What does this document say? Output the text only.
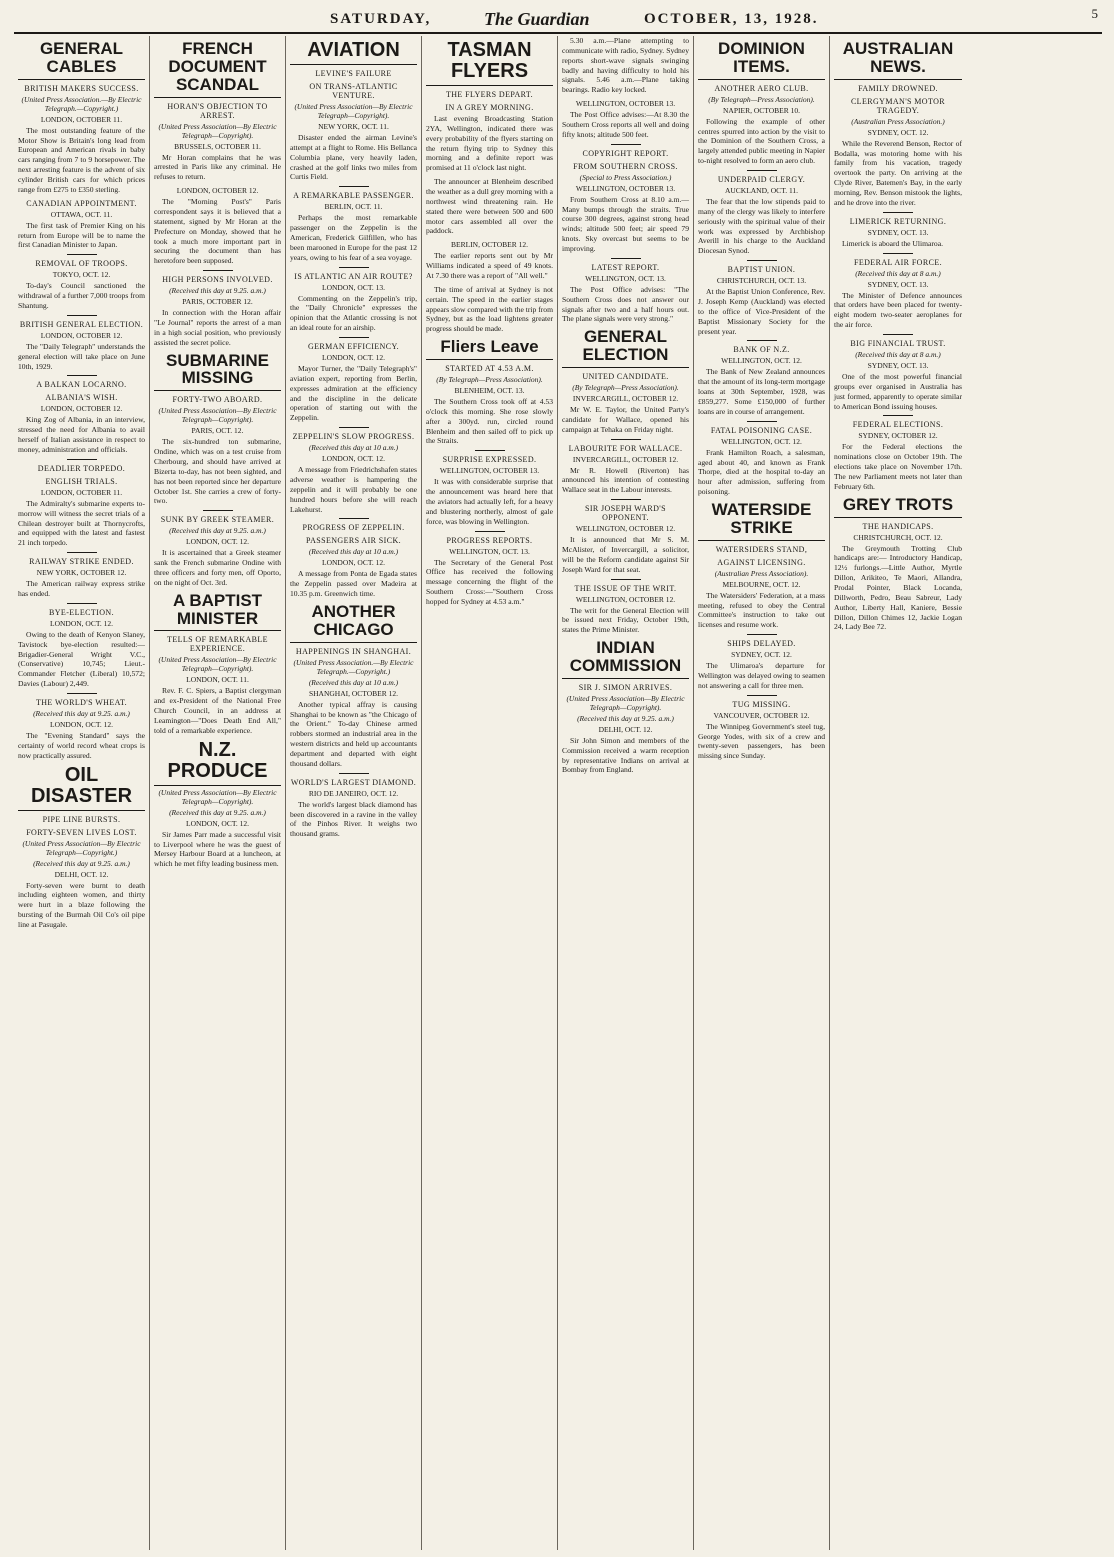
SATURDAY,	The Guardian	OCTOBER, 13, 1928.	5
GENERAL CABLES
BRITISH MAKERS SUCCESS.
(United Press Association.—By Electric Telegraph.—Copyright.)
LONDON, OCTOBER 11.

The most outstanding feature of the Motor Show is Britain's long lead from European and American rivals in baby cars ranging from 7 to 9 horsepower. The next arresting feature is the advent of six cylinder British cars for which prices range from £275 to £350 sterling.

CANADIAN APPOINTMENT.
OTTAWA, OCT. 11.

The first task of Premier King on his return from Europe will be to name the first Canadian Minister to Japan.

REMOVAL OF TROOPS.
TOKYO, OCT. 12.

To-day's Council sanctioned the withdrawal of a further 7,000 troops from Shantung.

BRITISH GENERAL ELECTION.
LONDON, OCTOBER 12.

The "Daily Telegraph" understands the general election will take place on June 10th, 1929.

A BALKAN LOCARNO.
ALBANIA'S WISH.
LONDON, OCTOBER 12.

King Zog of Albania, in an interview, stressed the need for Albania to avail herself of Italian assistance in respect to money, administration and officials.

DEADLIER TORPEDO.
ENGLISH TRIALS.
LONDON, OCTOBER 11.

The Admiralty's submarine experts to-morrow will witness the secret trials of a Chilean destroyer built at Thornycrofts, and equipped with the latest and fastest 21 inch torpedo.

RAILWAY STRIKE ENDED.
NEW YORK, OCTOBER 12.

The American railway express strike has ended.

BYE-ELECTION.
LONDON, OCT. 12.

Owing to the death of Kenyon Slaney, Tavistock bye-election resulted:— Brigadier-General Wright V.C., (Conservative) 10,745; Lieut.-Commander Fletcher (Liberal) 10,572; Davies (Labour) 2,449.

THE WORLD'S WHEAT.
(Received this day at 9.25. a.m.)
LONDON, OCT. 12.

The "Evening Standard" says the certainty of world record wheat crops is now practically assured.

OIL DISASTER
PIPE LINE BURSTS.
FORTY-SEVEN LIVES LOST.
(United Press Association—By Electric Telegraph—Copyright.)
(Received this day at 9.25. a.m.)
DELHI, OCT. 12.

Forty-seven were burnt to death including eighteen women, and thirty were hurt in a blaze following the bursting of the Burmah Oil Co's oil pipe line at Pasugale.

FRENCH DOCUMENT SCANDAL
HORAN'S OBJECTION TO ARREST.
(United Press Association—By Electric Telegraph—Copyright).
BRUSSELS, OCTOBER 11.

Mr Horan complains that he was arrested in Paris like any criminal. He refuses to return.

LONDON, OCTOBER 12.

The "Morning Post's" Paris correspondent says it is believed that a statement, signed by Mr Horan at the Prefecture on Monday, showed that he took a much more important part in securing the document than has heretofore been supposed.

HIGH PERSONS INVOLVED.
(Received this day at 9.25. a.m.)
PARIS, OCTOBER 12.

In connection with the Horan affair "Le Journal" reports the arrest of a man in a high social position, who previously assisted the secret police.

SUBMARINE MISSING
FORTY-TWO ABOARD.
(United Press Association—By Electric Telegraph—Copyright).
PARIS, OCT. 12.

The six-hundred ton submarine, Ondine, which was on a test cruise from Cherbourg, and should have arrived at Bizerta to-day, has not been sighted, and has not been reported since her departure October 1st. She carries a crew of forty-two.

SUNK BY GREEK STEAMER.
(Received this day at 9.25. a.m.)
LONDON, OCT. 12.

It is ascertained that a Greek steamer sank the French submarine Ondine with three officers and forty men, off Oporto, on the night of Oct. 3rd.

A BAPTIST MINISTER
TELLS OF REMARKABLE EXPERIENCE.
(United Press Association—By Electric Telegraph—Copyright).
LONDON, OCT. 11.

Rev. F. C. Spiers, a Baptist clergyman and ex-President of the National Free Church Council, in an address at Leamington—"Does Death End All," told of a remarkable experience.

N.Z. PRODUCE
(United Press Association—By Electric Telegraph—Copyright).
(Received this day at 9.25. a.m.)
LONDON, OCT. 12.

Sir James Parr made a successful visit to Liverpool where he was the guest of Mersey Harbour Board at a luncheon, at which he met fifty leading business men.

AVIATION
LEVINE'S FAILURE
ON TRANS-ATLANTIC VENTURE.
(United Press Association—By Electric Telegraph—Copyright).
NEW YORK, OCT. 11.

Disaster ended the airman Levine's attempt at a flight to Rome. His Bellanca Columbia plane, very heavily laden, crashed at the golf links two miles from Curtis Field.

A REMARKABLE PASSENGER.
BERLIN, OCT. 11.

Perhaps the most remarkable passenger on the Zeppelin is the American, Frederick Gilfillen, who has been marooned in Europe for the past 12 years, owing to his fear of a sea voyage.

IS ATLANTIC AN AIR ROUTE?
LONDON, OCT. 13.

Commenting on the Zeppelin's trip, the "Daily Chronicle" expresses the opinion that the Atlantic crossing is not an ideal route for an airship.

GERMAN EFFICIENCY.
LONDON, OCT. 12.

Mayor Turner, the "Daily Telegraph's" aviation expert, reporting from Berlin, expresses admiration at the efficiency and the discipline in the delicate operation of starting out with the Zeppelin.

ZEPPELIN'S SLOW PROGRESS.
(Received this day at 10 a.m.)
LONDON, OCT. 12.

A message from Friedrichshafen states adverse weather is hampering the zeppelin and it will probably be one hundred hours before she will reach Lakehurst.

PROGRESS OF ZEPPELIN.
PASSENGERS AIR SICK.
(Received this day at 10 a.m.)
LONDON, OCT. 12.

A message from Ponta de Egada states the Zeppelin passed over Madeira at 10.35 p.m. Greenwich time.

ANOTHER CHICAGO
HAPPENINGS IN SHANGHAI.
(United Press Association.—By Electric Telegraph.—Copyright.)
(Received this day at 10 a.m.)
SHANGHAI, OCTOBER 12.

Another typical affray is causing Shanghai to be known as "the Chicago of the Orient." To-day Chinese armed robbers stormed an industrial area in the western districts and held up accountants department and departed with eight thousand dollars.

WORLD'S LARGEST DIAMOND.
RIO DE JANEIRO, OCT. 12.

The world's largest black diamond has been discovered in a ravine in the valley of the Pinhos River. It weighs two thousand grams.

TASMAN FLYERS
THE FLYERS DEPART.
IN A GREY MORNING.

Last evening Broadcasting Station 2YA, Wellington, indicated there was every probability of the flyers starting on the return flying trip to Sydney this morning and a definite report was promised at 11 o'clock last night.

The announcer at Blenheim described the weather as a dull grey morning with a northwest wind threatening rain. He stated there were between 500 and 600 motor cars assembled all over the paddock.

BERLIN, OCTOBER 12.

The earlier reports sent out by Mr Williams indicated a speed of 49 knots. At 7.30 there was a report of "All well."

The time of arrival at Sydney is not certain. The speed in the earlier stages appears slow compared with the trip from Sydney, but as the load lightens greater progress should be made.

Fliers Leave
STARTED AT 4.53 A.M.
(By Telegraph—Press Association).
BLENHEIM, OCT. 13.

The Southern Cross took off at 4.53 o'clock this morning. She rose slowly after a 300yd. run, circled round Blenheim and then sailed off to pick up the Straits.

SURPRISE EXPRESSED.
WELLINGTON, OCTOBER 13.

It was with considerable surprise that the announcement was heard here that the aviators had actually left, for a heavy and blustering northerly, almost of gale force, was blowing in Wellington.

PROGRESS REPORTS.
WELLINGTON, OCT. 13.

The Secretary of the General Post Office has received the following message concerning the flight of the Southern Cross:—"Southern Cross hopped for Sydney at 4.53 a.m."

5.30 a.m.—Plane attempting to communicate with radio, Sydney. Sydney reports short-wave signals swinging badly and having difficulty to hold his signals. 5.46 a.m.—Plane taking bearings. Radio key locked.

WELLINGTON, OCTOBER 13.

The Post Office advises:—At 8.30 the Southern Cross reports all well and doing fifty knots; altitude 500 feet.

COPYRIGHT REPORT.
FROM SOUTHERN CROSS.
(Special to Press Association.)
WELLINGTON, OCTOBER 13.

From Southern Cross at 8.10 a.m.—Many bumps through the straits. True course 300 degrees, against strong head winds; altitude 500 feet; air speed 79 knots. Sky overcast but seems to be improving.

LATEST REPORT.
WELLINGTON, OCT. 13.

The Post Office advises: "The Southern Cross does not answer our signals after two and a half hours out. The plane signals were very strong."

GENERAL ELECTION
UNITED CANDIDATE.
(By Telegraph—Press Association).
INVERCARGILL, OCTOBER 12.

Mr W. E. Taylor, the United Party's candidate for Wallace, opened his campaign at Tehaka on Friday night.

LABOURITE FOR WALLACE.
INVERCARGILL, OCTOBER 12.

Mr R. Howell (Riverton) has announced his intention of contesting Wallace seat in the Labour interests.

SIR JOSEPH WARD'S OPPONENT.
WELLINGTON, OCTOBER 12.

It is announced that Mr S. M. McAlister, of Invercargill, a solicitor, will be the Reform candidate against Sir Joseph Ward for that seat.

THE ISSUE OF THE WRIT.
WELLINGTON, OCTOBER 12.

The writ for the General Election will be issued next Friday, October 19th, states the Prime Minister.

INDIAN COMMISSION
SIR J. SIMON ARRIVES.
(United Press Association—By Electric Telegraph—Copyright).
(Received this day at 9.25. a.m.)
DELHI, OCT. 12.

Sir John Simon and members of the Commission received a warm reception by representative Indians on arrival at Bombay from England.

DOMINION ITEMS.
ANOTHER AERO CLUB.
(By Telegraph—Press Association).
NAPIER, OCTOBER 10.

Following the example of other centres spurred into action by the visit to the Dominion of the Southern Cross, a largely attended public meeting in Napier to-night resolved to form an aero club.

UNDERPAID CLERGY.
AUCKLAND, OCT. 11.

The fear that the low stipends paid to many of the clergy was likely to interfere seriously with the spiritual value of their work was expressed by Archbishop Averill in his charge to the Auckland Diocesan Synod.

BAPTIST UNION.
CHRISTCHURCH, OCT. 13.

At the Baptist Union Conference, Rev. J. Joseph Kemp (Auckland) was elected to the office of Vice-President of the Baptist Missionary Society for the present year.

BANK OF N.Z.
WELLINGTON, OCT. 12.

The Bank of New Zealand announces that the amount of its long-term mortgage loans at 30th September, 1928, was £859,277. Some £150,000 of further loans are in course of arrangement.

FATAL POISONING CASE.
WELLINGTON, OCT. 12.

Frank Hamilton Roach, a salesman, aged about 40, and known as Frank Thorpe, died at the hospital to-day an hour after admission, suffering from poisoning.

WATERSIDE STRIKE
WATERSIDERS STAND,
AGAINST LICENSING.
(Australian Press Association).
MELBOURNE, OCT. 12.

The Watersiders' Federation, at a mass meeting, refused to obey the Central Committee's instruction to take out licenses and resume work.

SHIPS DELAYED.
SYDNEY, OCT. 12.

The Ulimaroa's departure for Wellington was delayed owing to seamen not answering a call for three men.

TUG MISSING.
VANCOUVER, OCTOBER 12.

The Winnipeg Government's steel tug, George Yodes, with six of a crew and twenty-seven passengers, has been missing since Sunday.

AUSTRALIAN NEWS.
FAMILY DROWNED.
CLERGYMAN'S MOTOR TRAGEDY.
(Australian Press Association.)
SYDNEY, OCT. 12.

While the Reverend Benson, Rector of Bodalla, was motoring home with his family from his vacation, tragedy overtook the party. On arriving at the Clyde River, Batemen's Bay, in the early morning, Rev. Benson mistook the lights, and he drove into the river.

LIMERICK RETURNING.
SYDNEY, OCT. 13.

Limerick is aboard the Ulimaroa.

FEDERAL AIR FORCE.
(Received this day at 8 a.m.)
SYDNEY, OCT. 13.

The Minister of Defence announces that orders have been placed for twenty-eight modern two-seater aeroplanes for the air force.

BIG FINANCIAL TRUST.
(Received this day at 8 a.m.)
SYDNEY, OCT. 13.

One of the most powerful financial groups ever organised in Australia has just formed, apparently to operate similar to American Bond issuing houses.

FEDERAL ELECTIONS.
SYDNEY, OCTOBER 12.

For the Federal elections the nominations close on October 19th. The elections take place on November 17th. The new Parliament meets not later than February 6th.

GREY TROTS
THE HANDICAPS.
CHRISTCHURCH, OCT. 12.

The Greymouth Trotting Club handicaps are:— Introductory Handicap, 12½ furlongs.—Little Author, Myrtle Dillon, Arikiteo, Te Maori, Allandra, Prodal Pointer, Black Locanda, Dillworth, Pedro, Beau Sabreur, Lady Author, Liberty Hall, Kaniere, Bessie Dillon, Dillon Chimes 12, Jackie Logan 24, Lady Bee 72.
